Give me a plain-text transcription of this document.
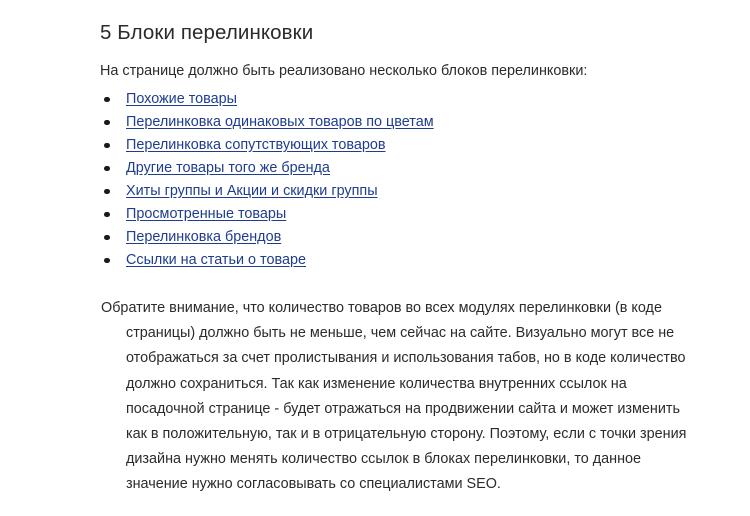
5 Блоки перелинковки

На странице должно быть реализовано несколько блоков перелинковки:

Похожие товары
Перелинковка одинаковых товаров по цветам
Перелинковка сопутствующих товаров
Другие товары того же бренда
Хиты группы и Акции и скидки группы
Просмотренные товары
Перелинковка брендов
Ссылки на статьи о товаре

Обратите внимание, что количество товаров во всех модулях перелинковки (в коде страницы) должно быть не меньше, чем сейчас на сайте. Визуально могут все не отображаться за счет пролистывания и использования табов, но в коде количество должно сохраниться. Так как изменение количества внутренних ссылок на посадочной странице - будет отражаться на продвижении сайта и может изменить как в положительную, так и в отрицательную сторону. Поэтому, если с точки зрения дизайна нужно менять количество ссылок в блоках перелинковки, то данное значение нужно согласовывать со специалистами SEO.
